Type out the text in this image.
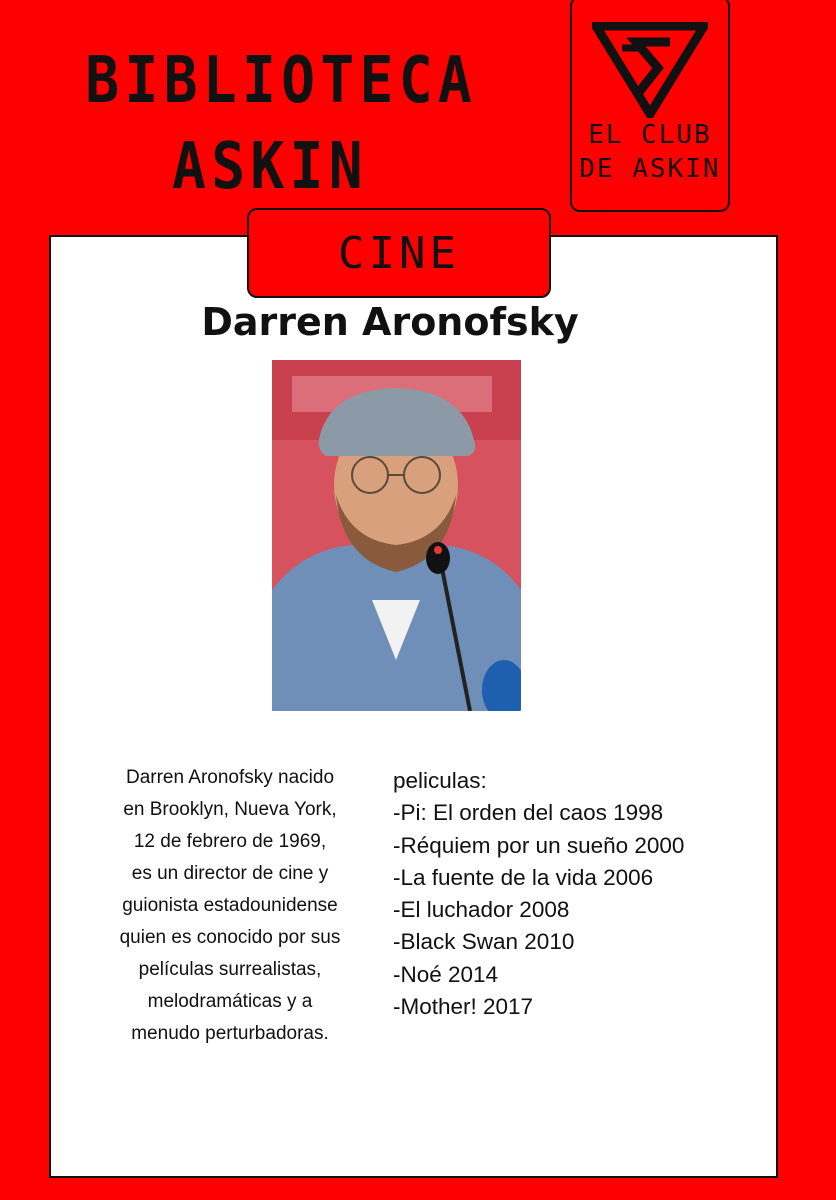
BIBLIOTECA
ASKIN	EL CLUB
DE ASKIN
CINE
Darren Aronofsky
Darren Aronofsky nacido
en Brooklyn, Nueva York,
12 de febrero de 1969,
es un director de cine y
guionista estadounidense
quien es conocido por sus
películas surrealistas,
melodramáticas y a
menudo perturbadoras.
peliculas:
-Pi: El orden del caos 1998
-Réquiem por un sueño 2000
-La fuente de la vida 2006
-El luchador 2008
-Black Swan 2010
-Noé 2014
-Mother! 2017
